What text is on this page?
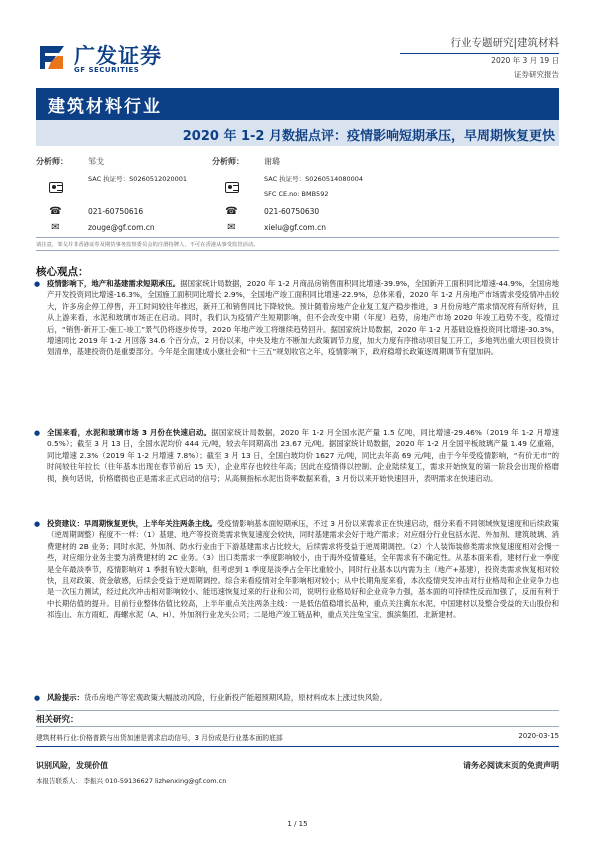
广发证券
GF SECURITIES
行业专题研究|建筑材料
2020 年 3 月 19 日
证券研究报告
建筑材料行业
2020 年 1-2 月数据点评：疫情影响短期承压，早周期恢复更快
分析师：	邹戈	分析师：	谢璐
SAC 执证号：S0260512020001	SAC 执证号：S0260514080004
SFC CE.no: BMB592
☎	021-60750616	☎	021-60750630
✉	zouge@gf.com.cn	✉	xielu@gf.com.cn
请注意，邹戈并非香港证券及期货事务监察委员会的注册持牌人，不可在香港从事受监管活动。
核心观点：
● 疫情影响下，地产和基建需求短期承压。据国家统计局数据，2020 年 1-2 月商品房销售面积同比增速-39.9%，全国新开工面积同比增速-44.9%，全国房地产开发投资同比增速-16.3%，全国施工面积同比增长 2.9%，全国地产竣工面积同比增速-22.9%，总体来看，2020 年 1-2 月房地产市场需求受疫情冲击较大，许多房企停工停售，开工时间较往年推迟，新开工和销售同比下降较快。预计随着房地产企业复工复产稳步推进，3 月份房地产需求情况将有所好转，且从上游来看，水泥和玻璃市场正在启动。同时，我们认为疫情产生短期影响，但不会改变中期（年度）趋势，房地产市场 2020 年竣工趋势不变，疫情过后，“销售-新开工-施工-竣工”景气仍将逐步传导，2020 年地产竣工将继续趋势回升。据国家统计局数据，2020 年 1-2 月基础设施投资同比增速-30.3%，增速同比 2019 年 1-2 月回落 34.6 个百分点，2 月份以来，中央及地方不断加大政策调节力度，加大力度有序推动项目复工开工，多地列出重大项目投资计划清单，基建投资仍是重要部分。今年是全面建成小康社会和“十三五”规划收官之年，疫情影响下，政府稳增长政策逐周期调节有望加码。
● 全国来看，水泥和玻璃市场 3 月份在快速启动。据国家统计局数据，2020 年 1-2 月全国水泥产量 1.5 亿吨，同比增速-29.46%（2019 年 1-2 月增速 0.5%）；截至 3 月 13 日，全国水泥均价 444 元/吨，较去年同期高出 23.67 元/吨。据国家统计局数据，2020 年 1-2 月全国平板玻璃产量 1.49 亿重箱，同比增速 2.3%（2019 年 1-2 月增速 7.8%）；截至 3 月 13 日，全国白玻均价 1627 元/吨，同比去年高 69 元/吨，由于今年受疫情影响，“有价无市”的时间较往年拉长（往年基本出现在春节前后 15 天），企业库存也较往年高；因此在疫情得以控制、企业陆续复工，需求开始恢复的第一阶段会出现价格磨损，换句话说，价格磨损也正是需求正式启动的信号；从高频指标水泥出货率数据来看，3 月份以来开始快速回升，表明需求在快速启动。
● 投资建议：早周期恢复更快，上半年关注两条主线。受疫情影响基本面短期承压，不过 3 月份以来需求正在快速启动，细分来看不同领域恢复速度和后续政策（逆周期调整）程度不一样：（1）基建、地产等投资类需求恢复速度会较快，同时基建需求会好于地产需求；对应细分行业包括水泥、外加剂、建筑玻璃、消费建材的 2B 业务；同时水泥、外加剂、防水行业由于下游基建需求占比较大，后续需求将受益于逆周期调控。（2）个人装饰装修类需求恢复速度相对会慢一些，对应细分业务主要为消费建材的 2C 业务。（3）出口类需求一季度影响较小，由于海外疫情蔓延，全年需求有不确定性。从基本面来看，建材行业一季度是全年最淡季节，疫情影响对 1 季报有较大影响，但考虑到 1 季度是淡季占全年比重较小，同时行业基本以内需为主（地产+基建），投资类需求恢复相对较快，且对政策、资金敏感，后续会受益于逆周期调控。综合来看疫情对全年影响相对较小；从中长期角度来看，本次疫情突发冲击对行业格局和企业竞争力也是一次压力测试，经过此次冲击相对影响较小、能迅速恢复过来的行业和公司，说明行业格局好和企业竞争力强，基本面的可持续性反而加强了，反而有利于中长期估值的提升。目前行业整体估值比较高，上半年重点关注两条主线：一是低估值稳增长品种，重点关注冀东水泥、中国建材以及整合受益的天山股份和祁连山、东方雨虹、海螺水泥（A、H）、外加剂行业龙头公司；二是地产竣工链品种，重点关注兔宝宝、旗滨集团、北新建材。
● 风险提示：货币房地产等宏观政策大幅波动风险，行业新投产能超预期风险，原材料成本上涨过快风险。
相关研究：
建筑材料行业:价格普跌与出货加速是需求启动信号，3 月份成是行业基本面的底部	2020-03-15
识别风险，发现价值	请务必阅读末页的免责声明
本报告联系人： 李振兴 010-59136627 lizhenxing@gf.com.cn
1 / 15
